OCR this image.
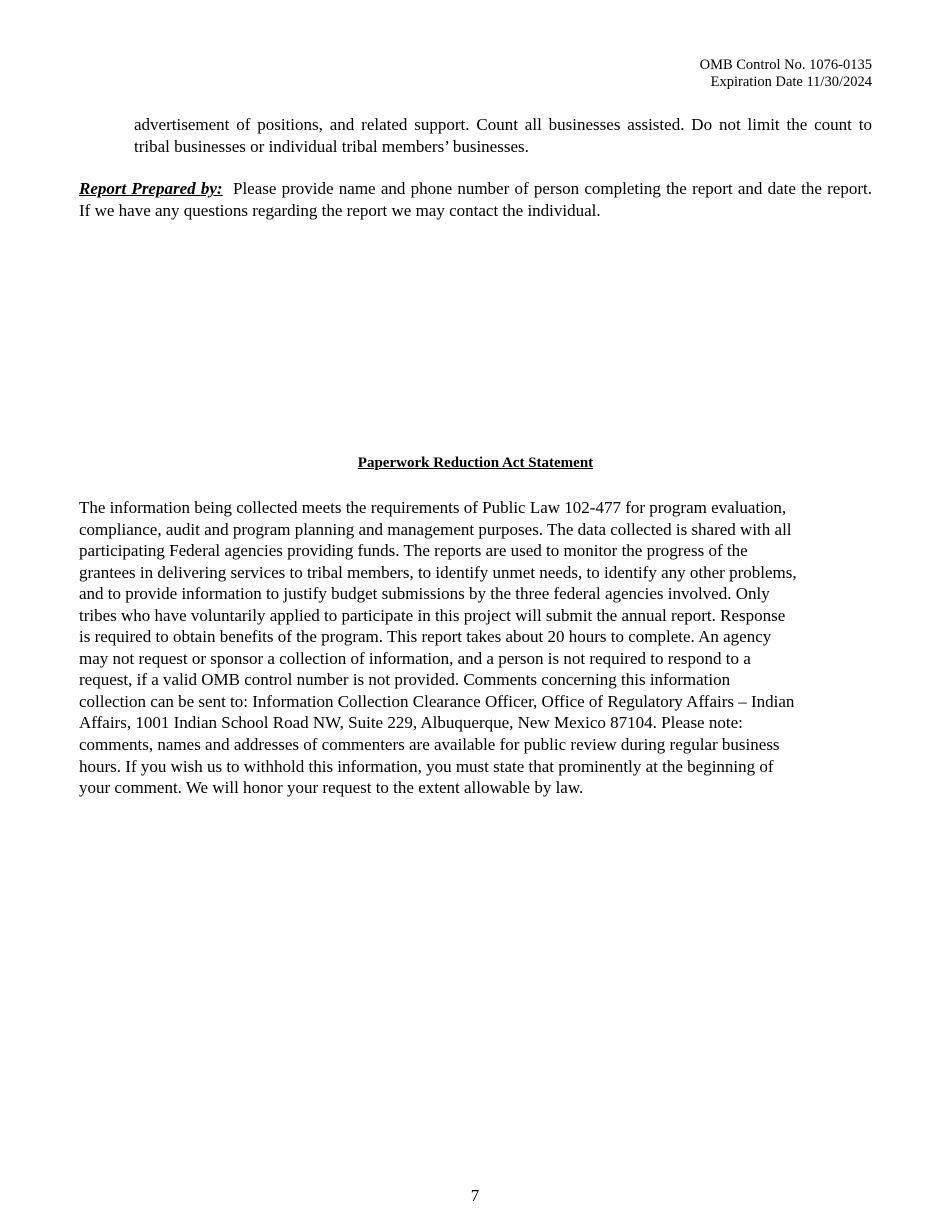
OMB Control No. 1076-0135
Expiration Date 11/30/2024
advertisement of positions, and related support. Count all businesses assisted. Do not limit the count to tribal businesses or individual tribal members’ businesses.
Report Prepared by:  Please provide name and phone number of person completing the report and date the report.  If we have any questions regarding the report we may contact the individual.
Paperwork Reduction Act Statement
The information being collected meets the requirements of Public Law 102-477 for program evaluation,
compliance, audit and program planning and management purposes. The data collected is shared with all
participating Federal agencies providing funds. The reports are used to monitor the progress of the
grantees in delivering services to tribal members, to identify unmet needs, to identify any other problems,
and to provide information to justify budget submissions by the three federal agencies involved. Only
tribes who have voluntarily applied to participate in this project will submit the annual report. Response
is required to obtain benefits of the program. This report takes about 20 hours to complete. An agency
may not request or sponsor a collection of information, and a person is not required to respond to a
request, if a valid OMB control number is not provided. Comments concerning this information
collection can be sent to: Information Collection Clearance Officer, Office of Regulatory Affairs – Indian
Affairs, 1001 Indian School Road NW, Suite 229, Albuquerque, New Mexico 87104. Please note:
comments, names and addresses of commenters are available for public review during regular business
hours. If you wish us to withhold this information, you must state that prominently at the beginning of
your comment. We will honor your request to the extent allowable by law.
7
